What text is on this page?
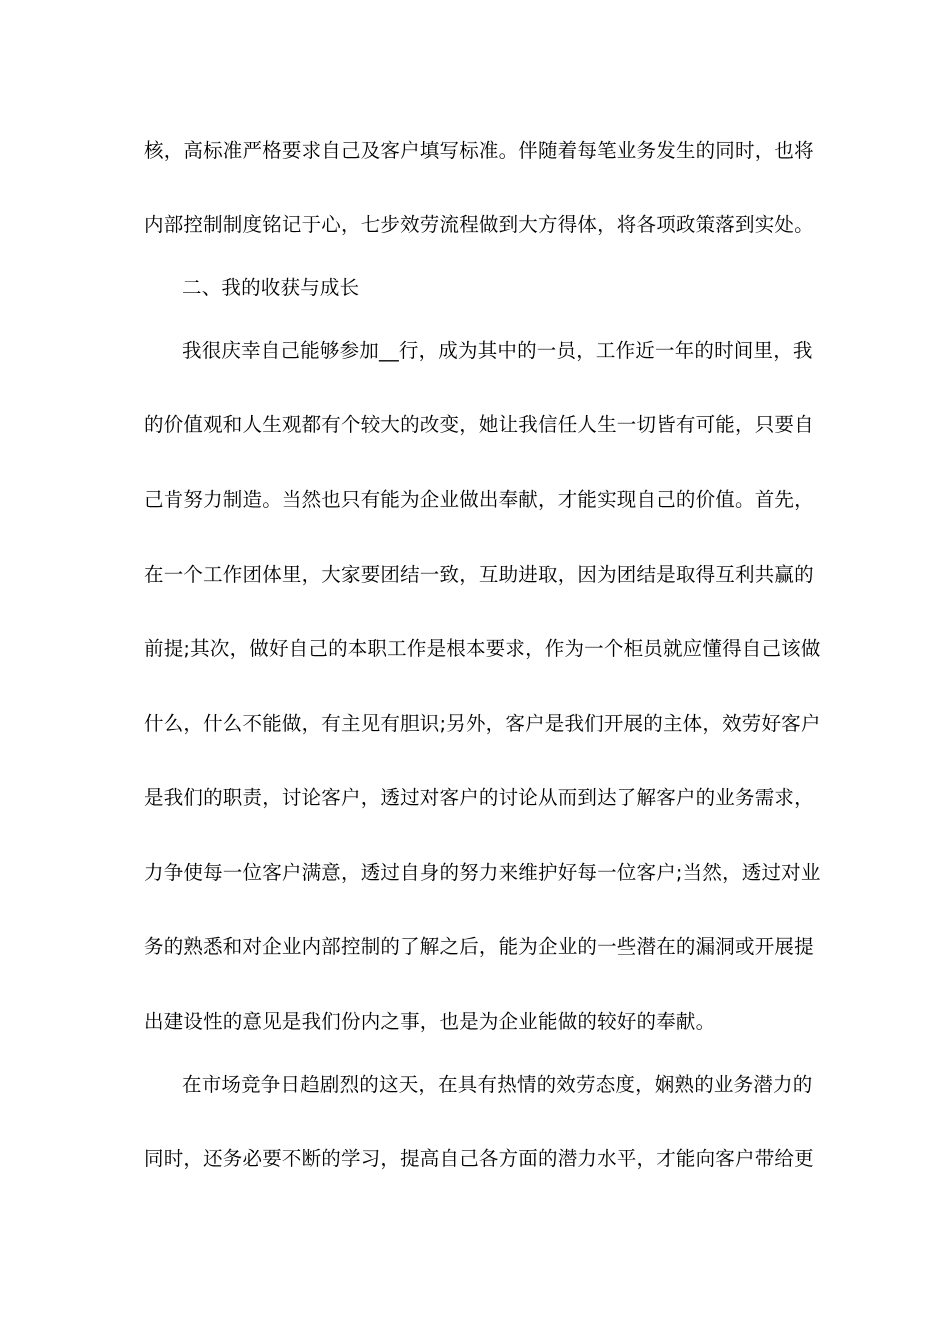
核，高标准严格要求自己及客户填写标准。伴随着每笔业务发生的同时，也将
内部控制制度铭记于心，七步效劳流程做到大方得体，将各项政策落到实处。
二、我的收获与成长
我很庆幸自己能够参加__行，成为其中的一员，工作近一年的时间里，我
的价值观和人生观都有个较大的改变，她让我信任人生一切皆有可能，只要自
己肯努力制造。当然也只有能为企业做出奉献，才能实现自己的价值。首先，
在一个工作团体里，大家要团结一致，互助进取，因为团结是取得互利共赢的
前提;其次，做好自己的本职工作是根本要求，作为一个柜员就应懂得自己该做
什么，什么不能做，有主见有胆识;另外，客户是我们开展的主体，效劳好客户
是我们的职责，讨论客户，透过对客户的讨论从而到达了解客户的业务需求，
力争使每一位客户满意，透过自身的努力来维护好每一位客户;当然，透过对业
务的熟悉和对企业内部控制的了解之后，能为企业的一些潜在的漏洞或开展提
出建设性的意见是我们份内之事，也是为企业能做的较好的奉献。
在市场竞争日趋剧烈的这天，在具有热情的效劳态度，娴熟的业务潜力的
同时，还务必要不断的学习，提高自己各方面的潜力水平，才能向客户带给更
